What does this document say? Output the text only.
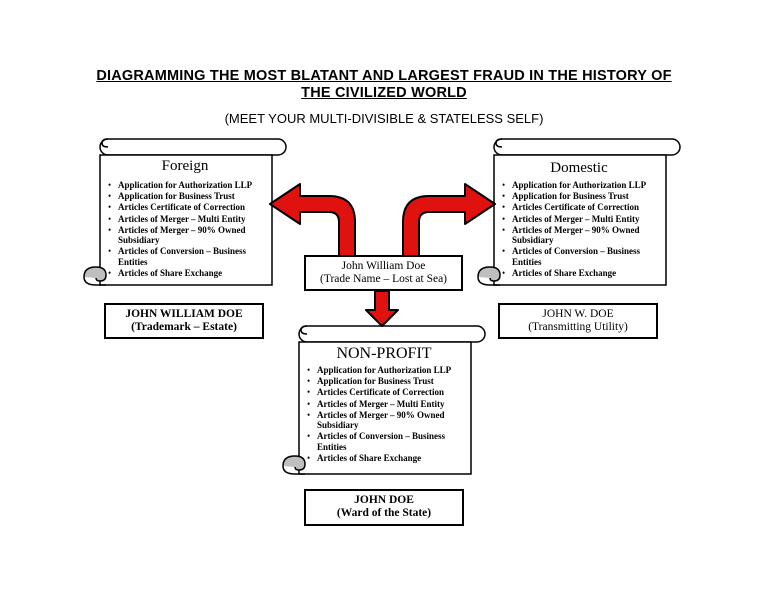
DIAGRAMMING THE MOST BLATANT AND LARGEST FRAUD IN THE HISTORY OF
THE CIVILIZED WORLD
(MEET YOUR MULTI-DIVISIBLE & STATELESS SELF)
Foreign
• Application for Authorization LLP
• Application for Business Trust
• Articles Certificate of Correction
• Articles of Merger – Multi Entity
• Articles of Merger – 90% Owned Subsidiary
• Articles of Conversion – Business Entities
• Articles of Share Exchange
Domestic
• Application for Authorization LLP
• Application for Business Trust
• Articles Certificate of Correction
• Articles of Merger – Multi Entity
• Articles of Merger – 90% Owned Subsidiary
• Articles of Conversion – Business Entities
• Articles of Share Exchange
NON-PROFIT
• Application for Authorization LLP
• Application for Business Trust
• Articles Certificate of Correction
• Articles of Merger – Multi Entity
• Articles of Merger – 90% Owned Subsidiary
• Articles of Conversion – Business Entities
• Articles of Share Exchange
John William Doe
(Trade Name – Lost at Sea)
JOHN WILLIAM DOE
(Trademark – Estate)
JOHN W. DOE
(Transmitting Utility)
JOHN DOE
(Ward of the State)
